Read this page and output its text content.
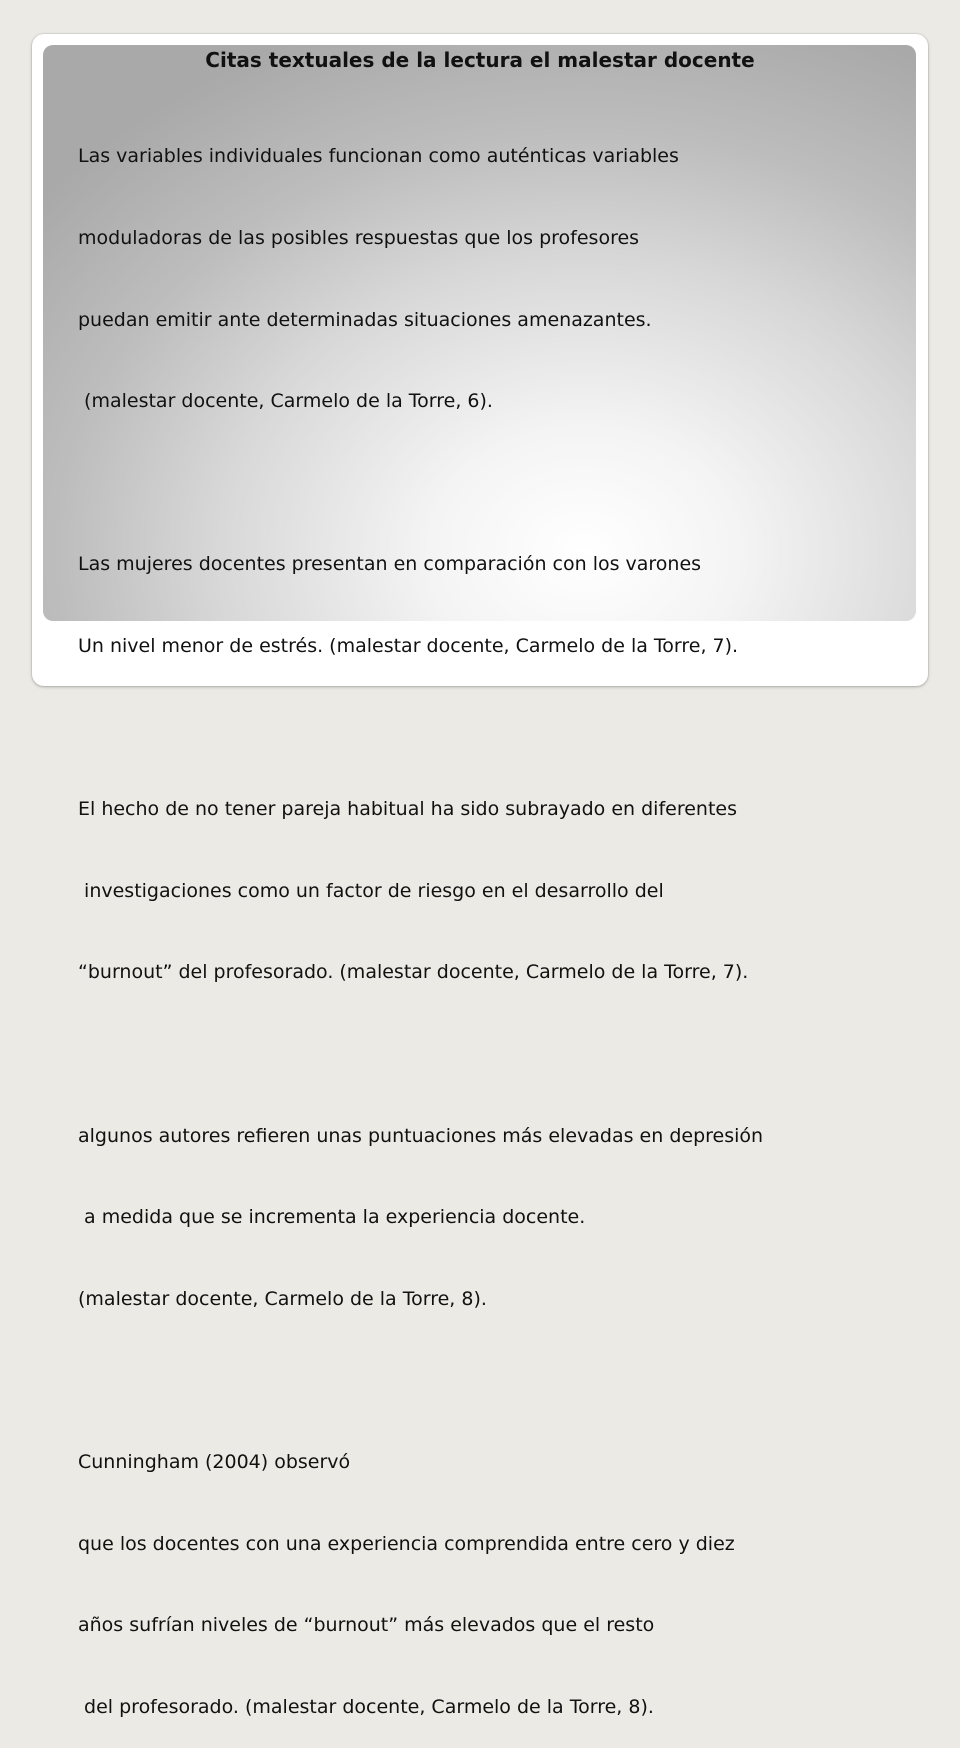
Citas textuales de la lectura el malestar docente

Las variables individuales funcionan como auténticas variables

moduladoras de las posibles respuestas que los profesores

puedan emitir ante determinadas situaciones amenazantes.

(malestar docente, Carmelo de la Torre, 6).

Las mujeres docentes presentan en comparación con los varones

Un nivel menor de estrés. (malestar docente, Carmelo de la Torre, 7).

El hecho de no tener pareja habitual ha sido subrayado en diferentes

investigaciones como un factor de riesgo en el desarrollo del

“burnout” del profesorado. (malestar docente, Carmelo de la Torre, 7).

algunos autores refieren unas puntuaciones más elevadas en depresión

a medida que se incrementa la experiencia docente.

(malestar docente, Carmelo de la Torre, 8).

Cunningham (2004) observó

que los docentes con una experiencia comprendida entre cero y diez

años sufrían niveles de “burnout” más elevados que el resto

del profesorado. (malestar docente, Carmelo de la Torre, 8).
